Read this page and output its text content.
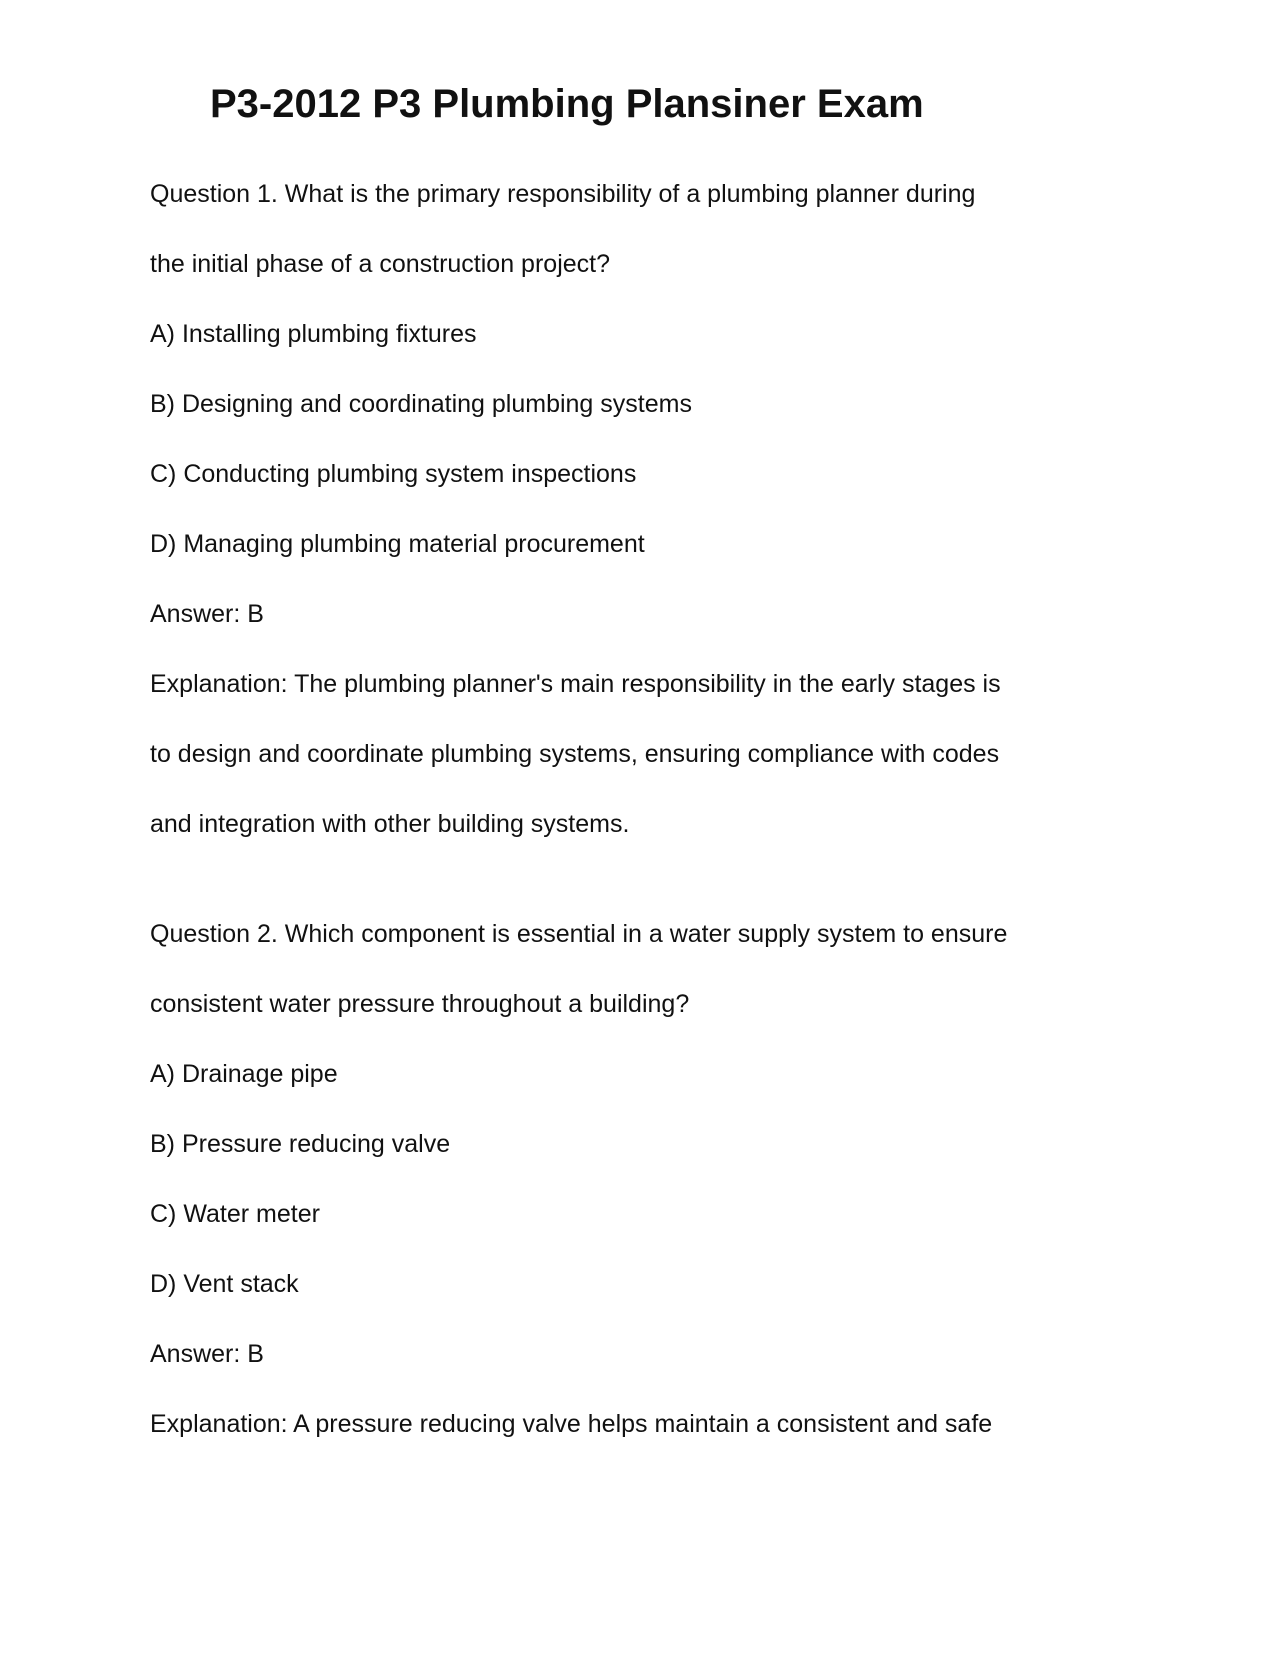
P3-2012 P3 Plumbing Plansiner Exam

Question 1. What is the primary responsibility of a plumbing planner during

the initial phase of a construction project?

A) Installing plumbing fixtures

B) Designing and coordinating plumbing systems

C) Conducting plumbing system inspections

D) Managing plumbing material procurement

Answer: B

Explanation: The plumbing planner's main responsibility in the early stages is

to design and coordinate plumbing systems, ensuring compliance with codes

and integration with other building systems.

Question 2. Which component is essential in a water supply system to ensure

consistent water pressure throughout a building?

A) Drainage pipe

B) Pressure reducing valve

C) Water meter

D) Vent stack

Answer: B

Explanation: A pressure reducing valve helps maintain a consistent and safe
